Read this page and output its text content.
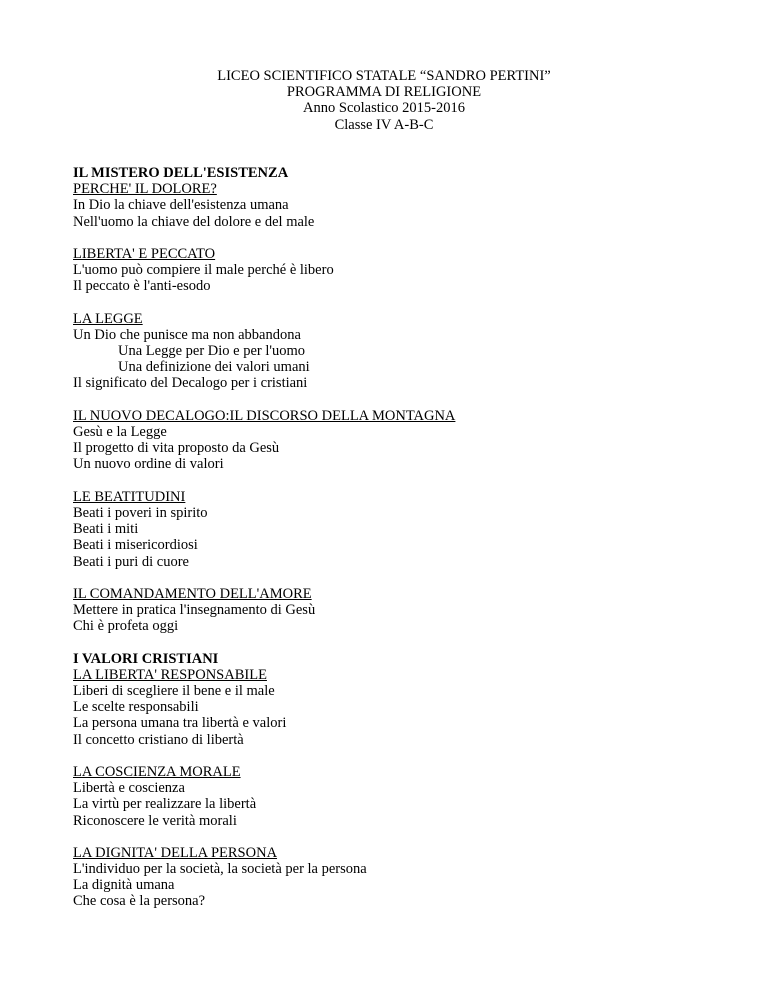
LICEO SCIENTIFICO STATALE “SANDRO PERTINI”
PROGRAMMA DI RELIGIONE
Anno Scolastico 2015-2016
Classe IV A-B-C
IL MISTERO DELL'ESISTENZA
PERCHE' IL DOLORE?
In Dio la chiave dell'esistenza umana
Nell'uomo la chiave del dolore e del male
LIBERTA' E PECCATO
L'uomo può compiere il male perché è libero
Il peccato è l'anti-esodo
LA LEGGE
Un Dio che punisce ma non abbandona
Una Legge per Dio e per l'uomo
Una definizione dei valori umani
Il significato del Decalogo per i cristiani
IL NUOVO DECALOGO:IL DISCORSO DELLA MONTAGNA
Gesù e la Legge
Il progetto di vita proposto da Gesù
Un nuovo ordine di valori
LE BEATITUDINI
Beati i poveri in spirito
Beati i miti
Beati i misericordiosi
Beati i puri di cuore
IL COMANDAMENTO DELL'AMORE
Mettere in pratica l'insegnamento di Gesù
Chi è profeta oggi
I VALORI CRISTIANI
LA LIBERTA' RESPONSABILE
Liberi di scegliere il bene e il male
Le scelte responsabili
La persona umana tra libertà e valori
Il concetto cristiano di libertà
LA COSCIENZA MORALE
Libertà e coscienza
La virtù per realizzare la libertà
Riconoscere le verità morali
LA DIGNITA' DELLA PERSONA
L'individuo per la società, la società per la persona
La dignità umana
Che cosa è la persona?
